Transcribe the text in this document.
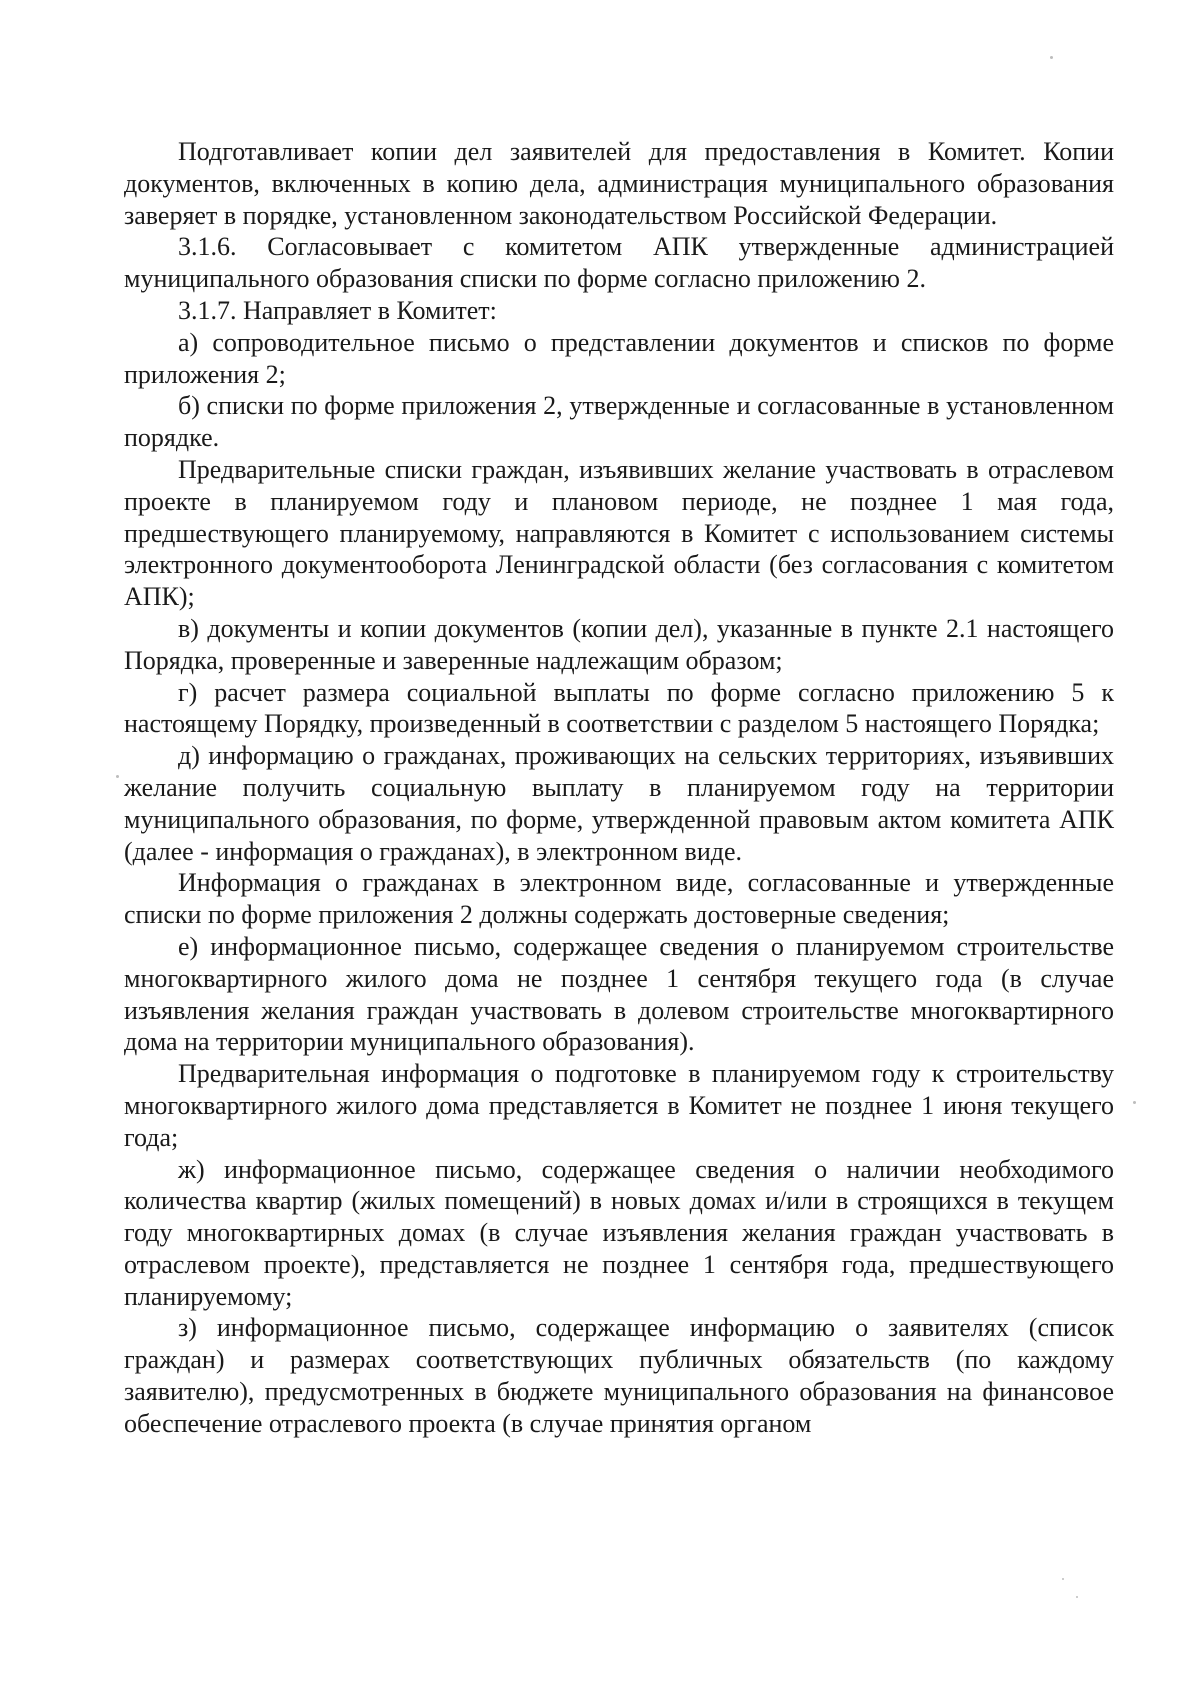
Подготавливает копии дел заявителей для предоставления в Комитет. Копии документов, включенных в копию дела, администрация муниципального образования заверяет в порядке, установленном законодательством Российской Федерации.

3.1.6. Согласовывает с комитетом АПК утвержденные администрацией муниципального образования списки по форме согласно приложению 2.

3.1.7. Направляет в Комитет:

а) сопроводительное письмо о представлении документов и списков по форме приложения 2;

б) списки по форме приложения 2, утвержденные и согласованные в установленном порядке.

Предварительные списки граждан, изъявивших желание участвовать в отраслевом проекте в планируемом году и плановом периоде, не позднее 1 мая года, предшествующего планируемому, направляются в Комитет с использованием системы электронного документооборота Ленинградской области (без согласования с комитетом АПК);

в) документы и копии документов (копии дел), указанные в пункте 2.1 настоящего Порядка, проверенные и заверенные надлежащим образом;

г) расчет размера социальной выплаты по форме согласно приложению 5 к настоящему Порядку, произведенный в соответствии с разделом 5 настоящего Порядка;

д) информацию о гражданах, проживающих на сельских территориях, изъявивших желание получить социальную выплату в планируемом году на территории муниципального образования, по форме, утвержденной правовым актом комитета АПК (далее - информация о гражданах), в электронном виде.

Информация о гражданах в электронном виде, согласованные и утвержденные списки по форме приложения 2 должны содержать достоверные сведения;

е) информационное письмо, содержащее сведения о планируемом строительстве многоквартирного жилого дома не позднее 1 сентября текущего года (в случае изъявления желания граждан участвовать в долевом строительстве многоквартирного дома на территории муниципального образования).

Предварительная информация о подготовке в планируемом году к строительству многоквартирного жилого дома представляется в Комитет не позднее 1 июня текущего года;

ж) информационное письмо, содержащее сведения о наличии необходимого количества квартир (жилых помещений) в новых домах и/или в строящихся в текущем году многоквартирных домах (в случае изъявления желания граждан участвовать в отраслевом проекте), представляется не позднее 1 сентября года, предшествующего планируемому;

з) информационное письмо, содержащее информацию о заявителях (список граждан) и размерах соответствующих публичных обязательств (по каждому заявителю), предусмотренных в бюджете муниципального образования на финансовое обеспечение отраслевого проекта (в случае принятия органом
